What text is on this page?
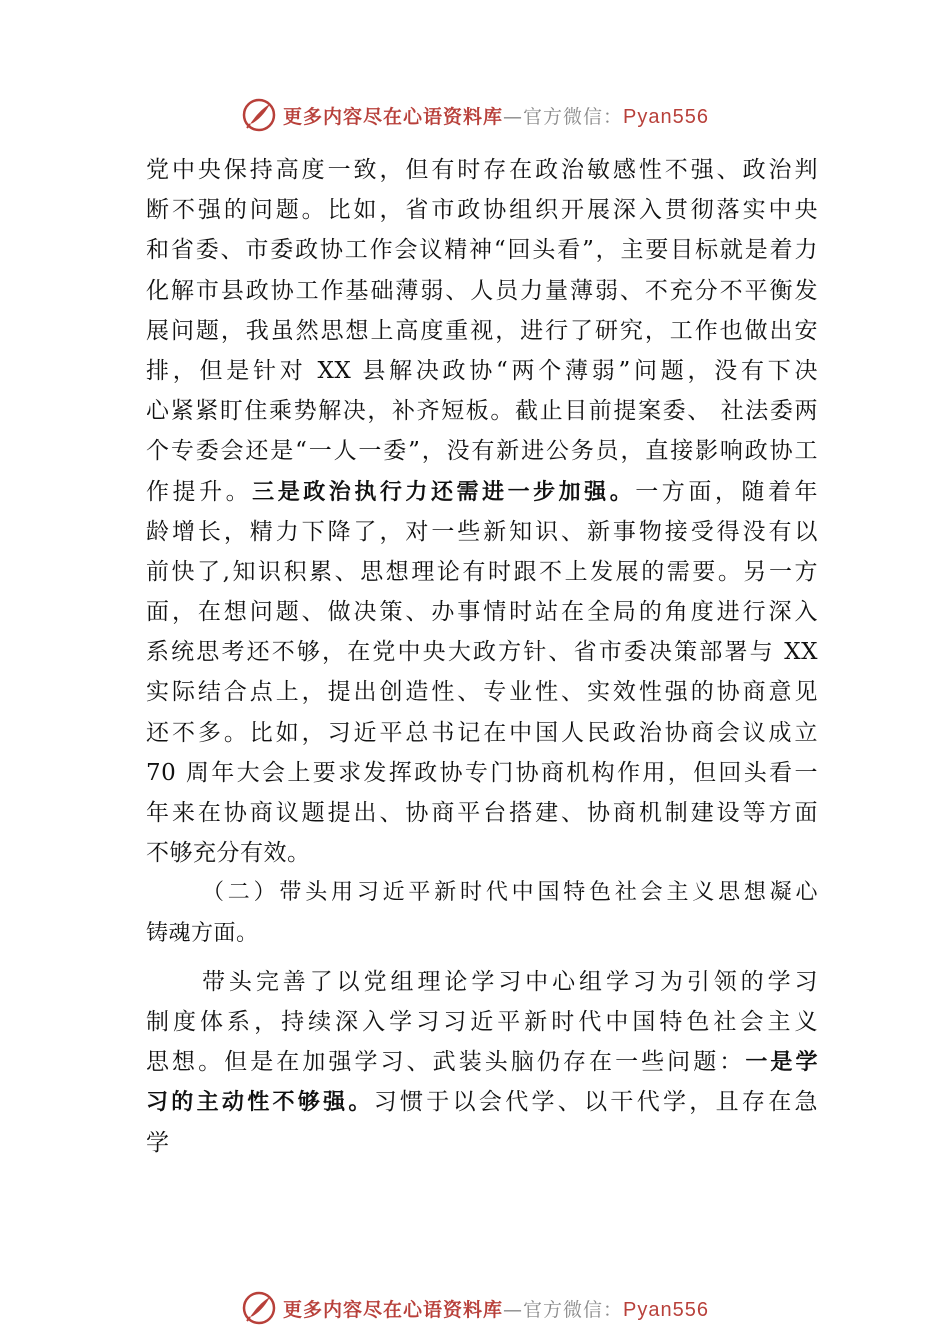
更多内容尽在心语资料库—官方微信：Pyan556
党中央保持高度一致，但有时存在政治敏感性不强、政治判
断不强的问题。比如，省市政协组织开展深入贯彻落实中央
和省委、市委政协工作会议精神“回头看”，主要目标就是着力
化解市县政协工作基础薄弱、人员力量薄弱、不充分不平衡发
展问题，我虽然思想上高度重视，进行了研究，工作也做出安
排，但是针对 XX 县解决政协“两个薄弱”问题，没有下决
心紧紧盯住乘势解决，补齐短板。截止目前提案委、 社法委两
个专委会还是“一人一委”，没有新进公务员，直接影响政协工
作提升。三是政治执行力还需进一步加强。一方面，随着年
龄增长，精力下降了，对一些新知识、新事物接受得没有以
前快了,知识积累、思想理论有时跟不上发展的需要。另一方
面，在想问题、做决策、办事情时站在全局的角度进行深入
系统思考还不够，在党中央大政方针、省市委决策部署与 XX
实际结合点上，提出创造性、专业性、实效性强的协商意见
还不多。比如，习近平总书记在中国人民政治协商会议成立
70 周年大会上要求发挥政协专门协商机构作用，但回头看一
年来在协商议题提出、协商平台搭建、协商机制建设等方面
不够充分有效。
（二）带头用习近平新时代中国特色社会主义思想凝心
铸魂方面。
带头完善了以党组理论学习中心组学习为引领的学习
制度体系，持续深入学习习近平新时代中国特色社会主义
思想。但是在加强学习、武装头脑仍存在一些问题：一是学
习的主动性不够强。习惯于以会代学、以干代学，且存在急
学
更多内容尽在心语资料库—官方微信：Pyan556
